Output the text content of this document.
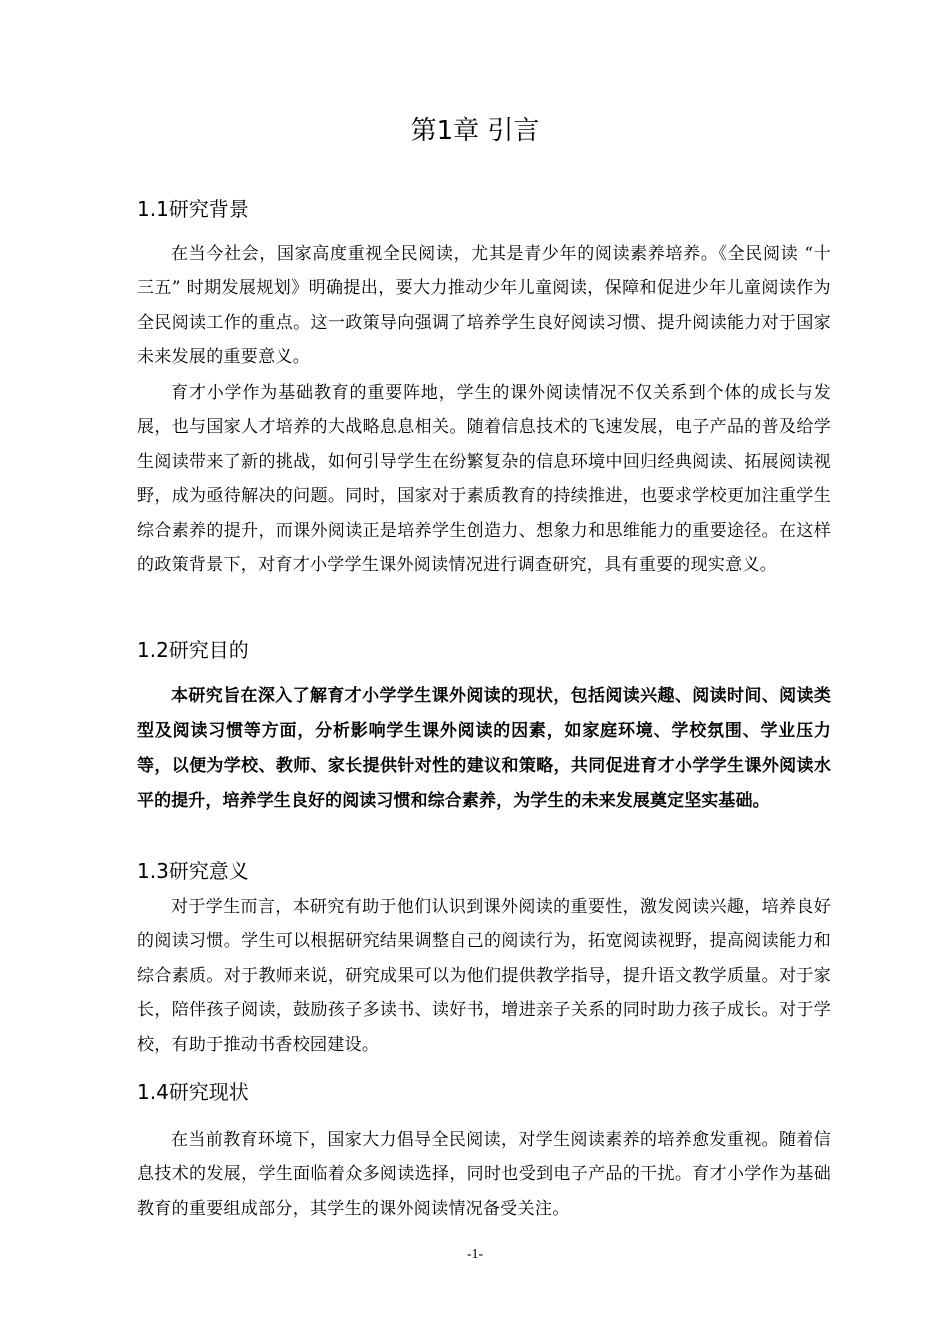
第1章 引言
1.1研究背景

在当今社会，国家高度重视全民阅读，尤其是青少年的阅读素养培养。《全民阅读 “十三五” 时期发展规划》明确提出，要大力推动少年儿童阅读，保障和促进少年儿童阅读作为全民阅读工作的重点。这一政策导向强调了培养学生良好阅读习惯、提升阅读能力对于国家未来发展的重要意义。

育才小学作为基础教育的重要阵地，学生的课外阅读情况不仅关系到个体的成长与发展，也与国家人才培养的大战略息息相关。随着信息技术的飞速发展，电子产品的普及给学生阅读带来了新的挑战，如何引导学生在纷繁复杂的信息环境中回归经典阅读、拓展阅读视野，成为亟待解决的问题。同时，国家对于素质教育的持续推进，也要求学校更加注重学生综合素养的提升，而课外阅读正是培养学生创造力、想象力和思维能力的重要途径。在这样的政策背景下，对育才小学学生课外阅读情况进行调查研究，具有重要的现实意义。

1.2研究目的

本研究旨在深入了解育才小学学生课外阅读的现状，包括阅读兴趣、阅读时间、阅读类型及阅读习惯等方面，分析影响学生课外阅读的因素，如家庭环境、学校氛围、学业压力等，以便为学校、教师、家长提供针对性的建议和策略，共同促进育才小学学生课外阅读水平的提升，培养学生良好的阅读习惯和综合素养，为学生的未来发展奠定坚实基础。

1.3研究意义

对于学生而言，本研究有助于他们认识到课外阅读的重要性，激发阅读兴趣，培养良好的阅读习惯。学生可以根据研究结果调整自己的阅读行为，拓宽阅读视野，提高阅读能力和综合素质。对于教师来说，研究成果可以为他们提供教学指导，提升语文教学质量。对于家长，陪伴孩子阅读，鼓励孩子多读书、读好书，增进亲子关系的同时助力孩子成长。对于学校，有助于推动书香校园建设。

1.4研究现状

在当前教育环境下，国家大力倡导全民阅读，对学生阅读素养的培养愈发重视。随着信息技术的发展，学生面临着众多阅读选择，同时也受到电子产品的干扰。育才小学作为基础教育的重要组成部分，其学生的课外阅读情况备受关注。

-1-
